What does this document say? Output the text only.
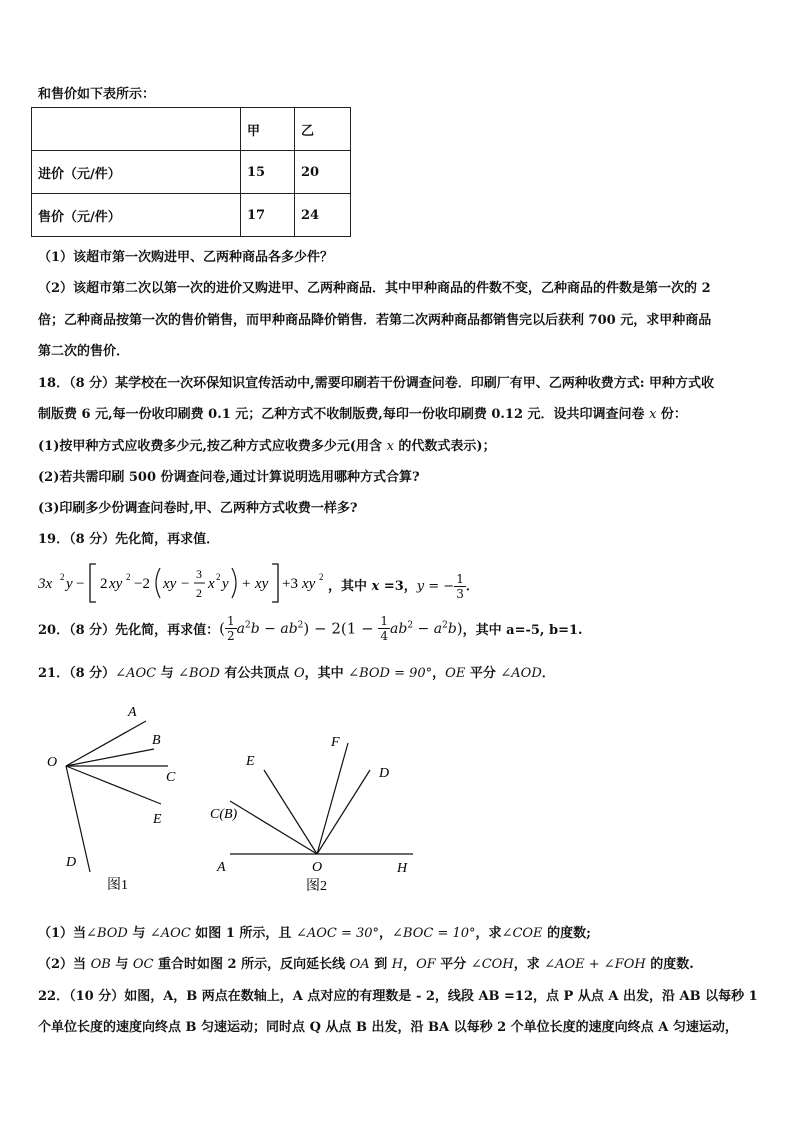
和售价如下表所示：
	甲	乙
进价（元/件）	15	20
售价（元/件）	17	24
（1）该超市第一次购进甲、乙两种商品各多少件？
（2）该超市第二次以第一次的进价又购进甲、乙两种商品．其中甲种商品的件数不变，乙种商品的件数是第一次的 2
倍；乙种商品按第一次的售价销售，而甲种商品降价销售．若第二次两种商品都销售完以后获利 700 元，求甲种商品
第二次的售价．
18．（8 分）某学校在一次环保知识宣传活动中,需要印刷若干份调查问卷．印刷厂有甲、乙两种收费方式: 甲种方式收
制版费 6 元,每一份收印刷费 0.1 元；乙种方式不收制版费,每印一份收印刷费 0.12 元．设共印调查问卷 x 份：
(1)按甲种方式应收费多少元,按乙种方式应收费多少元(用含 x 的代数式表示)；
(2)若共需印刷 500 份调查问卷,通过计算说明选用哪种方式合算?
(3)印刷多少份调查问卷时,甲、乙两种方式收费一样多?
19．（8 分）先化简，再求值．
3x 2 y − 2 xy 2 −2 xy −
3
2
x 2 y + xy +3 xy 2
，其中 x =3，y = − $\frac{1}{3}$ ．
20．（8 分）先化简，再求值：( $\frac{1}{2} a^2b - ab^2) - 2(1 - \frac{1}{4} ab^2 - a^2b)$，其中 a=-5, b=1.
21．（8 分）∠AOC 与 ∠BOD 有公共顶点 O，其中 ∠BOD = 90°，OE 平分 ∠AOD．
A
B
O
C
E
D
图1
F
E
D
C(B)
A	O	H
图2
（1）当∠BOD 与 ∠AOC 如图 1 所示，且 ∠AOC = 30°，∠BOC = 10°，求∠COE 的度数;
（2）当 OB 与 OC 重合时如图 2 所示，反向延长线 OA 到 H，OF 平分 ∠COH，求 ∠AOE + ∠FOH 的度数.
22．（10 分）如图，A，B 两点在数轴上，A 点对应的有理数是 - 2，线段 AB =12，点 P 从点 A 出发，沿 AB 以每秒 1
个单位长度的速度向终点 B 匀速运动；同时点 Q 从点 B 出发，沿 BA 以每秒 2 个单位长度的速度向终点 A 匀速运动，
